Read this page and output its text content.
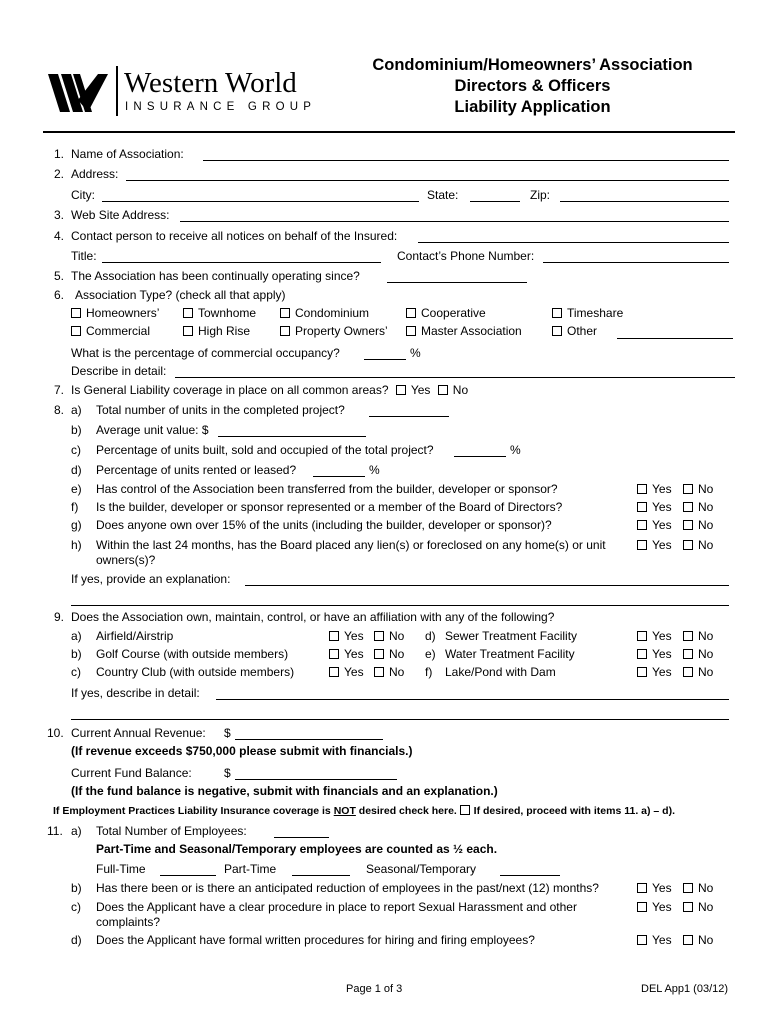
Western World
INSURANCE GROUP
Condominium/Homeowners’ Association
Directors & Officers
Liability Application
1. Name of Association:
2. Address:
City:	State:	Zip:
3. Web Site Address:
4. Contact person to receive all notices on behalf of the Insured:
Title:	Contact’s Phone Number:
5. The Association has been continually operating since?
6. Association Type? (check all that apply)
Homeowners’	Townhome	Condominium	Cooperative	Timeshare
Commercial	High Rise	Property Owners’	Master Association	Other
What is the percentage of commercial occupancy?	%
Describe in detail:
7. Is General Liability coverage in place on all common areas? Yes No
8. a) Total number of units in the completed project?
b) Average unit value: $
c) Percentage of units built, sold and occupied of the total project?	%
d) Percentage of units rented or leased?	%
e) Has control of the Association been transferred from the builder, developer or sponsor?	Yes	No
f) Is the builder, developer or sponsor represented or a member of the Board of Directors?	Yes	No
g) Does anyone own over 15% of the units (including the builder, developer or sponsor)?	Yes	No
h) Within the last 24 months, has the Board placed any lien(s) or foreclosed on any home(s) or unit
owners(s)?
Yes	No
If yes, provide an explanation:
9. Does the Association own, maintain, control, or have an affiliation with any of the following?
a) Airfield/Airstrip	Yes	No d) Sewer Treatment Facility	Yes	No
b) Golf Course (with outside members)	Yes	No e) Water Treatment Facility	Yes	No
c) Country Club (with outside members)	Yes	No f) Lake/Pond with Dam	Yes	No
If yes, describe in detail:
10. Current Annual Revenue: $
(If revenue exceeds $750,000 please submit with financials.)
Current Fund Balance:	$
(If the fund balance is negative, submit with financials and an explanation.)
If Employment Practices Liability Insurance coverage is NOT desired check here.  If desired, proceed with items 11. a) – d).
11. a) Total Number of Employees:
Part-Time and Seasonal/Temporary employees are counted as ½ each.
Full-Time	Part-Time	Seasonal/Temporary
b) Has there been or is there an anticipated reduction of employees in the past/next (12) months?	Yes	No
c) Does the Applicant have a clear procedure in place to report Sexual Harassment and other
complaints?
Yes	No
d) Does the Applicant have formal written procedures for hiring and firing employees?	Yes	No
Page 1 of 3	DEL App1 (03/12)
